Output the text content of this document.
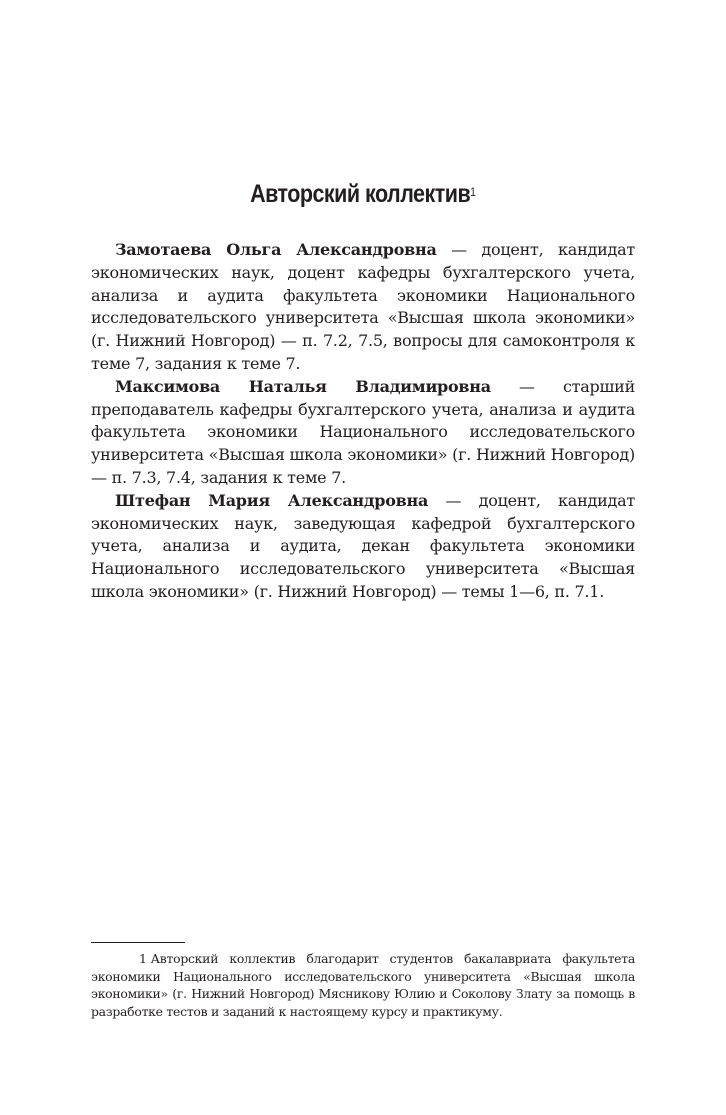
Авторский коллектив$^1$

Замотаева Ольга Александровна — доцент, кандидат экономических наук, доцент кафедры бухгалтерского учета, анализа и аудита факультета экономики Национального исследовательского университета «Высшая школа экономики» (г. Нижний Новгород) — п. 7.2, 7.5, вопросы для самоконтроля к теме 7, задания к теме 7.

Максимова Наталья Владимировна — старший преподаватель кафедры бухгалтерского учета, анализа и аудита факультета экономики Национального исследовательского университета «Высшая школа экономики» (г. Нижний Новгород) — п. 7.3, 7.4, задания к теме 7.

Штефан Мария Александровна — доцент, кандидат экономических наук, заведующая кафедрой бухгалтерского учета, анализа и аудита, декан факультета экономики Национального исследовательского университета «Высшая школа экономики» (г. Нижний Новгород) — темы 1—6, п. 7.1.

1 Авторский коллектив благодарит студентов бакалавриата факультета экономики Национального исследовательского университета «Высшая школа экономики» (г. Нижний Новгород) Мясникову Юлию и Соколову Злату за помощь в разработке тестов и заданий к настоящему курсу и практикуму.
